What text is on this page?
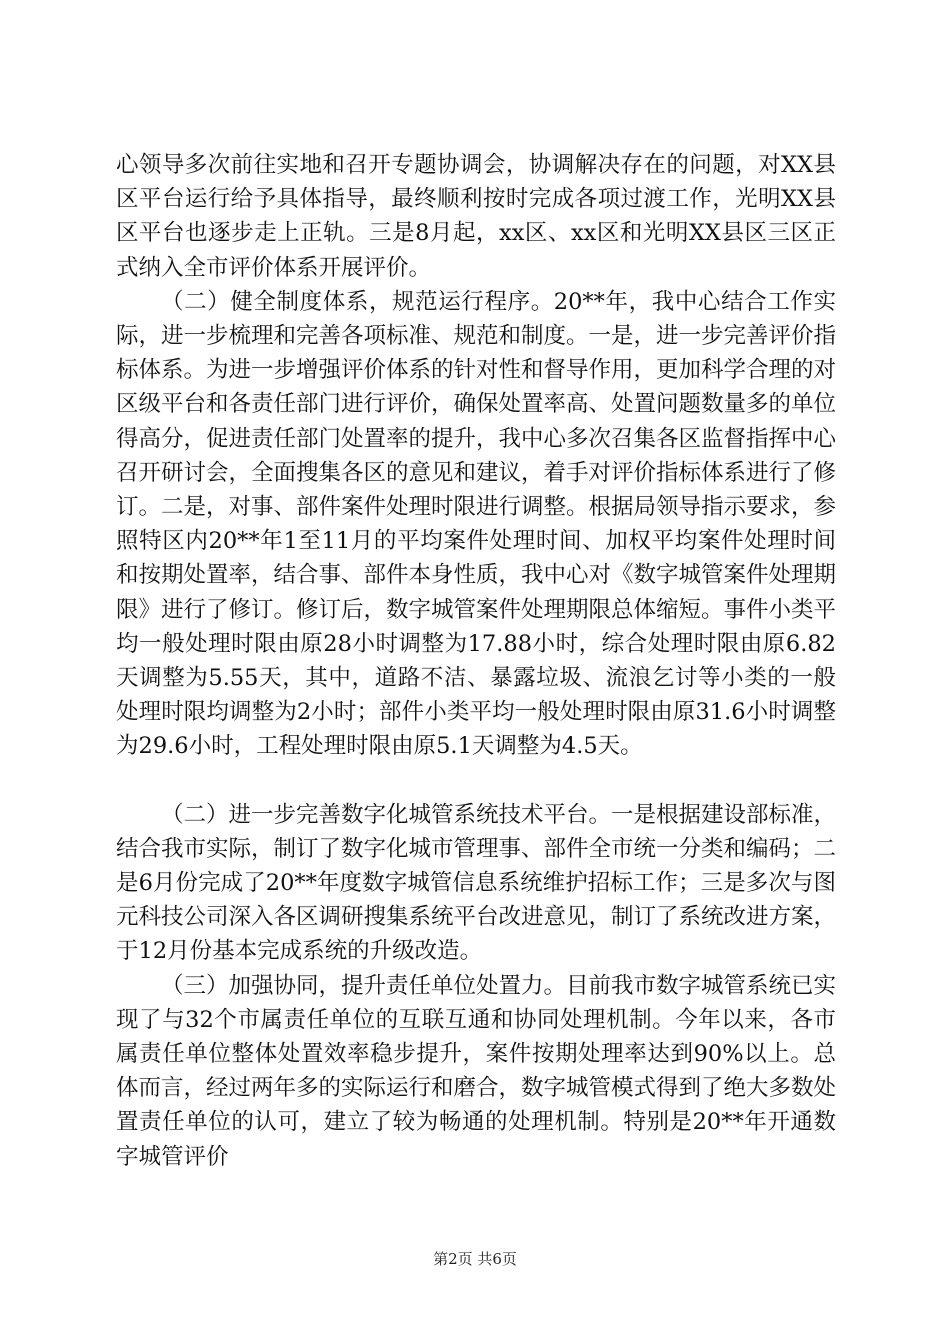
心领导多次前往实地和召开专题协调会，协调解决存在的问题，对XX县区平台运行给予具体指导，最终顺利按时完成各项过渡工作，光明XX县区平台也逐步走上正轨。三是8月起，xx区、xx区和光明XX县区三区正式纳入全市评价体系开展评价。

（二）健全制度体系，规范运行程序。20**年，我中心结合工作实际，进一步梳理和完善各项标准、规范和制度。一是，进一步完善评价指标体系。为进一步增强评价体系的针对性和督导作用，更加科学合理的对区级平台和各责任部门进行评价，确保处置率高、处置问题数量多的单位得高分，促进责任部门处置率的提升，我中心多次召集各区监督指挥中心召开研讨会，全面搜集各区的意见和建议，着手对评价指标体系进行了修订。二是，对事、部件案件处理时限进行调整。根据局领导指示要求，参照特区内20**年1至11月的平均案件处理时间、加权平均案件处理时间和按期处置率，结合事、部件本身性质，我中心对《数字城管案件处理期限》进行了修订。修订后，数字城管案件处理期限总体缩短。事件小类平均一般处理时限由原28小时调整为17.88小时，综合处理时限由原6.82天调整为5.55天，其中，道路不洁、暴露垃圾、流浪乞讨等小类的一般处理时限均调整为2小时；部件小类平均一般处理时限由原31.6小时调整为29.6小时，工程处理时限由原5.1天调整为4.5天。

（二）进一步完善数字化城管系统技术平台。一是根据建设部标准，结合我市实际，制订了数字化城市管理事、部件全市统一分类和编码；二是6月份完成了20**年度数字城管信息系统维护招标工作；三是多次与图元科技公司深入各区调研搜集系统平台改进意见，制订了系统改进方案，于12月份基本完成系统的升级改造。

（三）加强协同，提升责任单位处置力。目前我市数字城管系统已实现了与32个市属责任单位的互联互通和协同处理机制。今年以来，各市属责任单位整体处置效率稳步提升，案件按期处理率达到90%以上。总体而言，经过两年多的实际运行和磨合，数字城管模式得到了绝大多数处置责任单位的认可，建立了较为畅通的处理机制。特别是20**年开通数字城管评价

第2页 共6页
